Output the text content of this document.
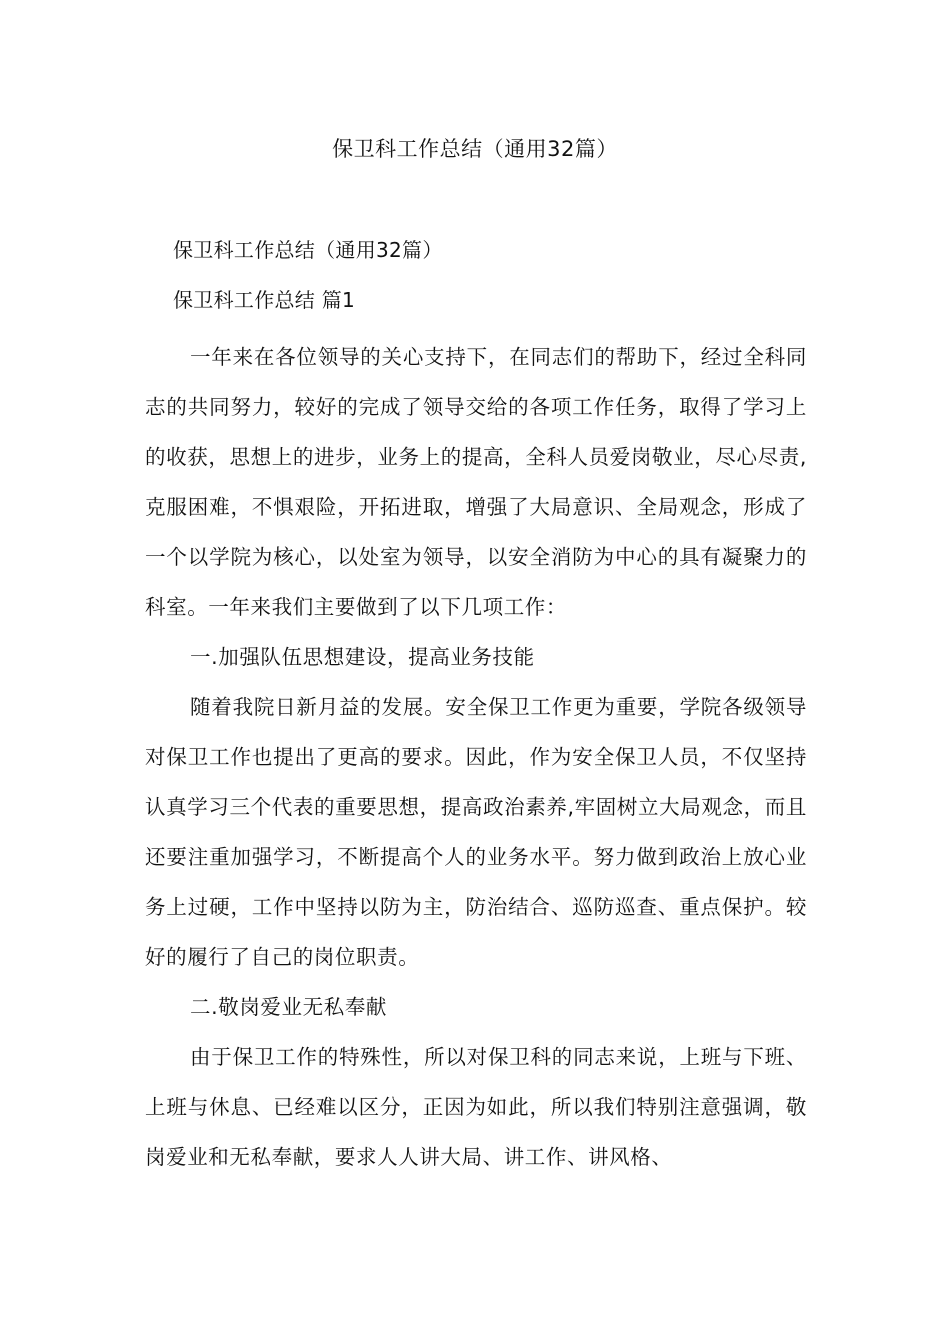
保卫科工作总结（通用32篇）

保卫科工作总结（通用32篇）

保卫科工作总结 篇1

一年来在各位领导的关心支持下，在同志们的帮助下，经过全科同志的共同努力，较好的完成了领导交给的各项工作任务，取得了学习上的收获，思想上的进步，业务上的提高，全科人员爱岗敬业，尽心尽责,克服困难，不惧艰险，开拓进取，增强了大局意识、全局观念，形成了一个以学院为核心，以处室为领导，以安全消防为中心的具有凝聚力的科室。一年来我们主要做到了以下几项工作：

一.加强队伍思想建设，提高业务技能

随着我院日新月益的发展。安全保卫工作更为重要，学院各级领导对保卫工作也提出了更高的要求。因此，作为安全保卫人员，不仅坚持认真学习三个代表的重要思想，提高政治素养,牢固树立大局观念，而且还要注重加强学习，不断提高个人的业务水平。努力做到政治上放心业务上过硬，工作中坚持以防为主，防治结合、巡防巡查、重点保护。较好的履行了自己的岗位职责。

二.敬岗爱业无私奉献

由于保卫工作的特殊性，所以对保卫科的同志来说，上班与下班、上班与休息、已经难以区分，正因为如此，所以我们特别注意强调，敬岗爱业和无私奉献，要求人人讲大局、讲工作、讲风格、
